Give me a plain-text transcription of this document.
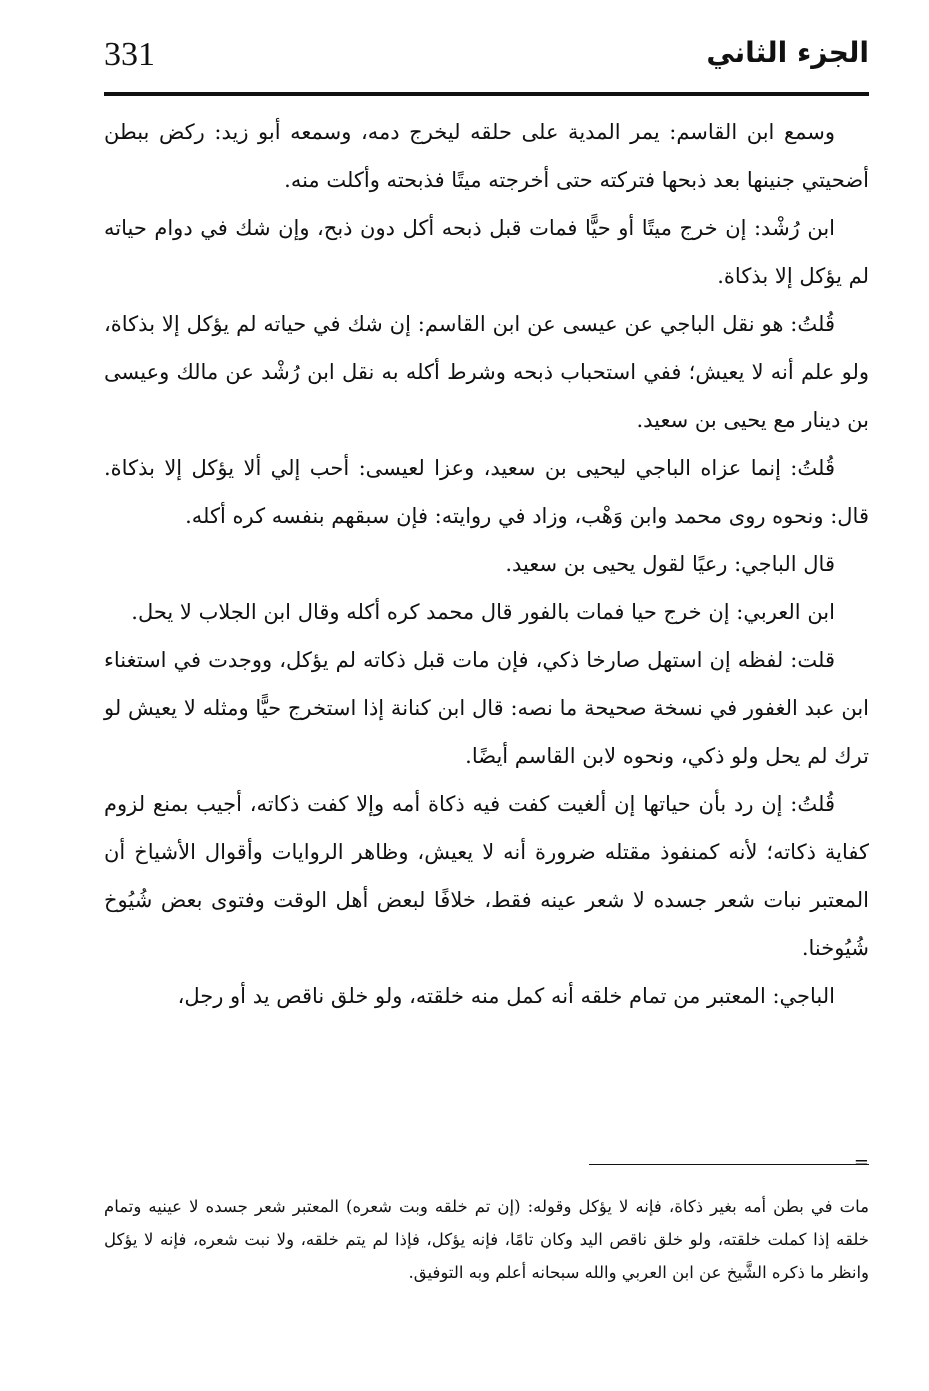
331	الجزء الثاني

وسمع ابن القاسم: يمر المدية على حلقه ليخرج دمه، وسمعه أبو زيد: ركض ببطن أضحيتي جنينها بعد ذبحها فتركته حتى أخرجته ميتًا فذبحته وأكلت منه.

ابن رُشْد: إن خرج ميتًا أو حيًّا فمات قبل ذبحه أكل دون ذبح، وإن شك في دوام حياته لم يؤكل إلا بذكاة.

قُلتُ: هو نقل الباجي عن عيسى عن ابن القاسم: إن شك في حياته لم يؤكل إلا بذكاة، ولو علم أنه لا يعيش؛ ففي استحباب ذبحه وشرط أكله به نقل ابن رُشْد عن مالك وعيسى بن دينار مع يحيى بن سعيد.

قُلتُ: إنما عزاه الباجي ليحيى بن سعيد، وعزا لعيسى: أحب إلي ألا يؤكل إلا بذكاة. قال: ونحوه روى محمد وابن وَهْب، وزاد في روايته: فإن سبقهم بنفسه كره أكله.

قال الباجي: رعيًا لقول يحيى بن سعيد.

ابن العربي: إن خرج حيا فمات بالفور قال محمد كره أكله وقال ابن الجلاب لا يحل.

قلت: لفظه إن استهل صارخا ذكي، فإن مات قبل ذكاته لم يؤكل، ووجدت في استغناء ابن عبد الغفور في نسخة صحيحة ما نصه: قال ابن كنانة إذا استخرج حيًّا ومثله لا يعيش لو ترك لم يحل ولو ذكي، ونحوه لابن القاسم أيضًا.

قُلتُ: إن رد بأن حياتها إن ألغيت كفت فيه ذكاة أمه وإلا كفت ذكاته، أجيب بمنع لزوم كفاية ذكاته؛ لأنه كمنفوذ مقتله ضرورة أنه لا يعيش، وظاهر الروايات وأقوال الأشياخ أن المعتبر نبات شعر جسده لا شعر عينه فقط، خلافًا لبعض أهل الوقت وفتوى بعض شُيُوخ شُيُوخنا.

الباجي: المعتبر من تمام خلقه أنه كمل منه خلقته، ولو خلق ناقص يد أو رجل،

=
مات في بطن أمه بغير ذكاة، فإنه لا يؤكل وقوله: (إن تم خلقه وبت شعره) المعتبر شعر جسده لا عينيه وتمام خلقه إذا كملت خلقته، ولو خلق ناقص اليد وكان تامًا، فإنه يؤكل، فإذا لم يتم خلقه، ولا نبت شعره، فإنه لا يؤكل وانظر ما ذكره الشَّيخ عن ابن العربي والله سبحانه أعلم وبه التوفيق.
